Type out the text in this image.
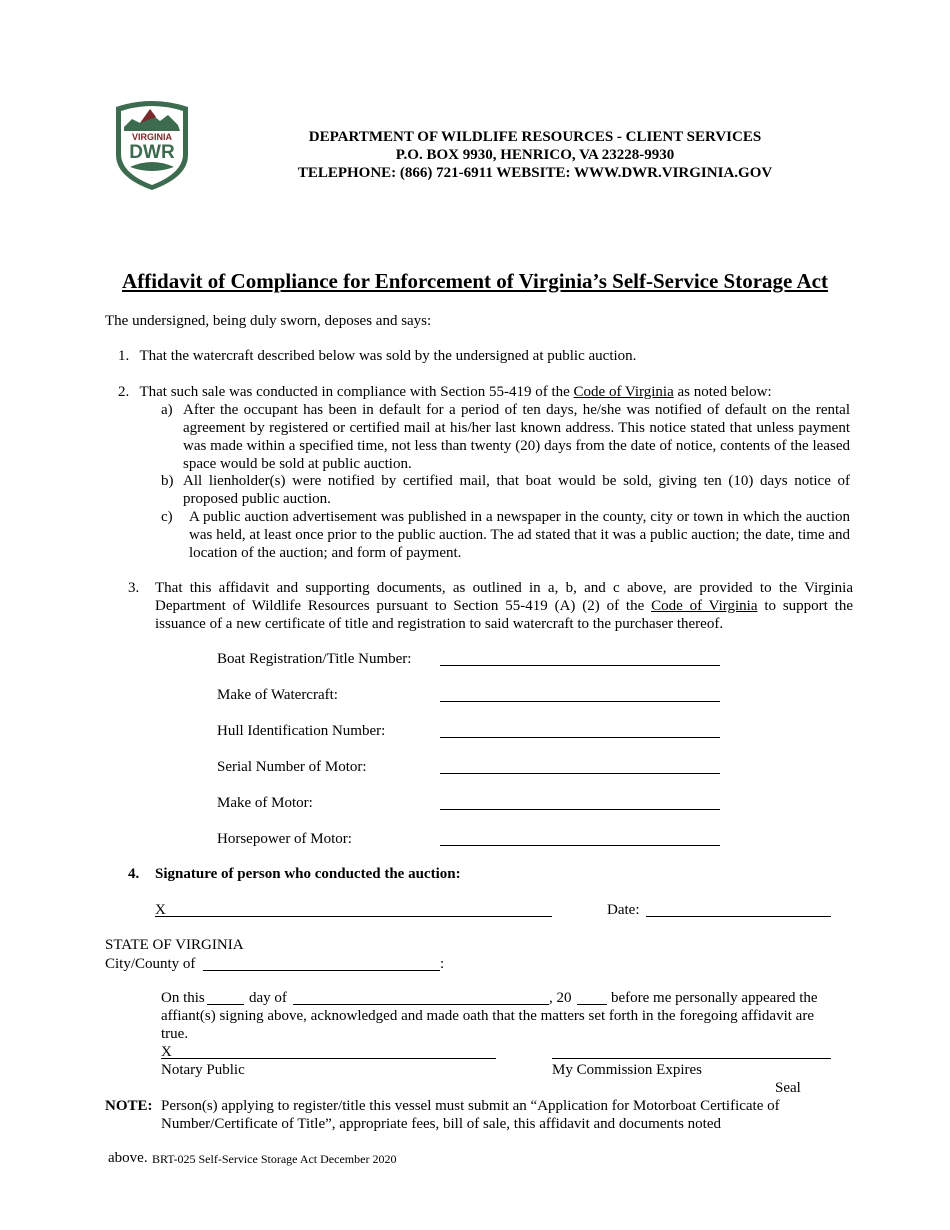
VIRGINIA
DWR
DEPARTMENT OF WILDLIFE RESOURCES - CLIENT SERVICES
P.O. BOX 9930, HENRICO, VA 23228-9930
TELEPHONE: (866) 721-6911 WEBSITE: WWW.DWR.VIRGINIA.GOV
Affidavit of Compliance for Enforcement of Virginia’s Self-Service Storage Act
The undersigned, being duly sworn, deposes and says:
1. That the watercraft described below was sold by the undersigned at public auction.
2. That such sale was conducted in compliance with Section 55-419 of the Code of Virginia as noted below:
a) After the occupant has been in default for a period of ten days, he/she was notified of default on the rental agreement by registered or certified mail at his/her last known address. This notice stated that unless payment was made within a specified time, not less than twenty (20) days from the date of notice, contents of the leased space would be sold at public auction.
b) All lienholder(s) were notified by certified mail, that boat would be sold, giving ten (10) days notice of proposed public auction.
c) A public auction advertisement was published in a newspaper in the county, city or town in which the auction was held, at least once prior to the public auction. The ad stated that it was a public auction; the date, time and location of the auction; and form of payment.
3. That this affidavit and supporting documents, as outlined in a, b, and c above, are provided to the Virginia Department of Wildlife Resources pursuant to Section 55-419 (A) (2) of the Code of Virginia to support the issuance of a new certificate of title and registration to said watercraft to the purchaser thereof.
Boat Registration/Title Number:
Make of Watercraft:
Hull Identification Number:
Serial Number of Motor:
Make of Motor:
Horsepower of Motor:
4. Signature of person who conducted the auction:
X	Date:
STATE OF VIRGINIA
City/County of	:
On this	day of	, 20	before me personally appeared the
affiant(s) signing above, acknowledged and made oath that the matters set forth in the foregoing affidavit are
true.
X
Notary Public	My Commission Expires
Seal
NOTE: Person(s) applying to register/title this vessel must submit an “Application for Motorboat Certificate of
Number/Certificate of Title”, appropriate fees, bill of sale, this affidavit and documents noted
above. BRT-025 Self-Service Storage Act December 2020
